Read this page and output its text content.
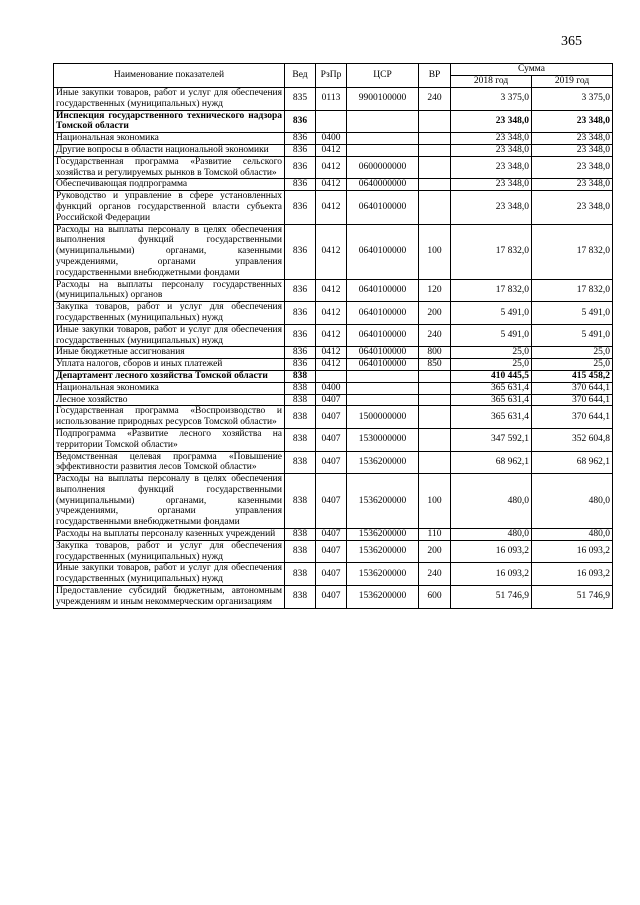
365
Наименование показателей	Вед	РзПр	ЦСР	ВР	Сумма	
					2018 год	2019 год
Иные закупки товаров, работ и услуг для обеспечения государственных (муниципальных) нужд	835	0113	9900100000	240	3 375,0	3 375,0
Инспекция государственного технического надзора Томской области	836				23 348,0	23 348,0
Национальная экономика	836	0400			23 348,0	23 348,0
Другие вопросы в области национальной экономики	836	0412			23 348,0	23 348,0
Государственная программа «Развитие сельского хозяйства и регулируемых рынков в Томской области»	836	0412	0600000000		23 348,0	23 348,0
Обеспечивающая подпрограмма	836	0412	0640000000		23 348,0	23 348,0
Руководство и управление в сфере установленных функций органов государственной власти субъекта Российской Федерации	836	0412	0640100000		23 348,0	23 348,0
Расходы на выплаты персоналу в целях обеспечения выполнения функций государственными (муниципальными) органами, казенными учреждениями, органами управления государственными внебюджетными фондами	836	0412	0640100000	100	17 832,0	17 832,0
Расходы на выплаты персоналу государственных (муниципальных) органов	836	0412	0640100000	120	17 832,0	17 832,0
Закупка товаров, работ и услуг для обеспечения государственных (муниципальных) нужд	836	0412	0640100000	200	5 491,0	5 491,0
Иные закупки товаров, работ и услуг для обеспечения государственных (муниципальных) нужд	836	0412	0640100000	240	5 491,0	5 491,0
Иные бюджетные ассигнования	836	0412	0640100000	800	25,0	25,0
Уплата налогов, сборов и иных платежей	836	0412	0640100000	850	25,0	25,0
Департамент лесного хозяйства Томской области	838				410 445,5	415 458,2
Национальная экономика	838	0400			365 631,4	370 644,1
Лесное хозяйство	838	0407			365 631,4	370 644,1
Государственная программа «Воспроизводство и использование природных ресурсов Томской области»	838	0407	1500000000		365 631,4	370 644,1
Подпрограмма «Развитие лесного хозяйства на территории Томской области»	838	0407	1530000000		347 592,1	352 604,8
Ведомственная целевая программа «Повышение эффективности развития лесов Томской области»	838	0407	1536200000		68 962,1	68 962,1
Расходы на выплаты персоналу в целях обеспечения выполнения функций государственными (муниципальными) органами, казенными учреждениями, органами управления государственными внебюджетными фондами	838	0407	1536200000	100	480,0	480,0
Расходы на выплаты персоналу казенных учреждений	838	0407	1536200000	110	480,0	480,0
Закупка товаров, работ и услуг для обеспечения государственных (муниципальных) нужд	838	0407	1536200000	200	16 093,2	16 093,2
Иные закупки товаров, работ и услуг для обеспечения государственных (муниципальных) нужд	838	0407	1536200000	240	16 093,2	16 093,2
Предоставление субсидий бюджетным, автономным учреждениям и иным некоммерческим организациям	838	0407	1536200000	600	51 746,9	51 746,9
